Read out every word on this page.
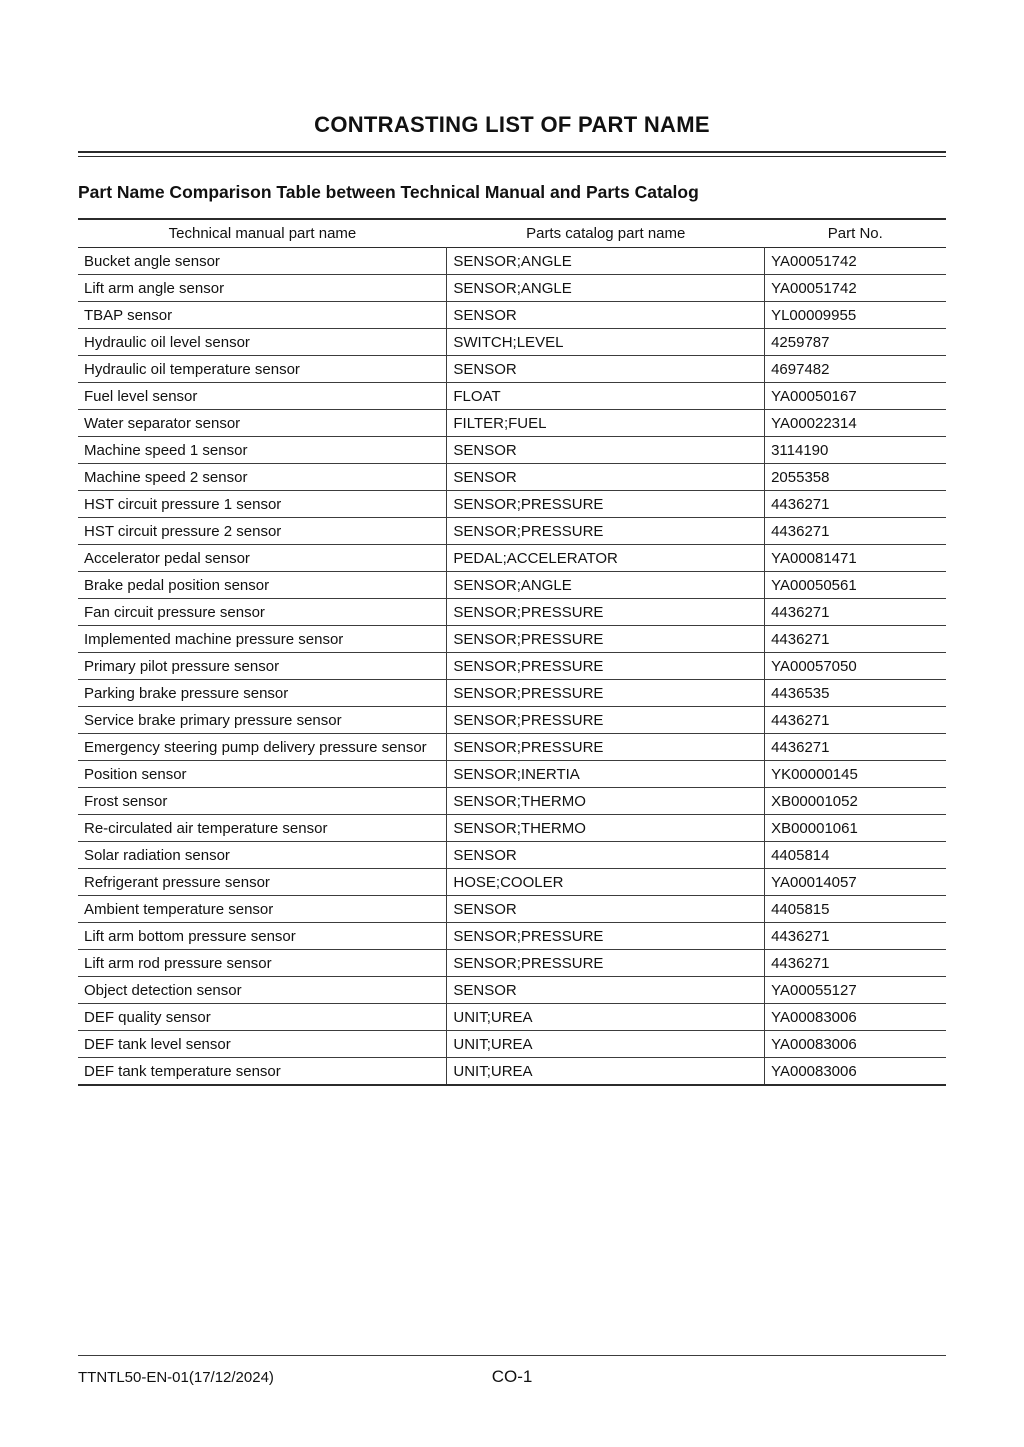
CONTRASTING LIST OF PART NAME
Part Name Comparison Table between Technical Manual and Parts Catalog
Technical manual part name	Parts catalog part name	Part No.
Bucket angle sensor	SENSOR;ANGLE	YA00051742
Lift arm angle sensor	SENSOR;ANGLE	YA00051742
TBAP sensor	SENSOR	YL00009955
Hydraulic oil level sensor	SWITCH;LEVEL	4259787
Hydraulic oil temperature sensor	SENSOR	4697482
Fuel level sensor	FLOAT	YA00050167
Water separator sensor	FILTER;FUEL	YA00022314
Machine speed 1 sensor	SENSOR	3114190
Machine speed 2 sensor	SENSOR	2055358
HST circuit pressure 1 sensor	SENSOR;PRESSURE	4436271
HST circuit pressure 2 sensor	SENSOR;PRESSURE	4436271
Accelerator pedal sensor	PEDAL;ACCELERATOR	YA00081471
Brake pedal position sensor	SENSOR;ANGLE	YA00050561
Fan circuit pressure sensor	SENSOR;PRESSURE	4436271
Implemented machine pressure sensor	SENSOR;PRESSURE	4436271
Primary pilot pressure sensor	SENSOR;PRESSURE	YA00057050
Parking brake pressure sensor	SENSOR;PRESSURE	4436535
Service brake primary pressure sensor	SENSOR;PRESSURE	4436271
Emergency steering pump delivery pressure sensor	SENSOR;PRESSURE	4436271
Position sensor	SENSOR;INERTIA	YK00000145
Frost sensor	SENSOR;THERMO	XB00001052
Re-circulated air temperature sensor	SENSOR;THERMO	XB00001061
Solar radiation sensor	SENSOR	4405814
Refrigerant pressure sensor	HOSE;COOLER	YA00014057
Ambient temperature sensor	SENSOR	4405815
Lift arm bottom pressure sensor	SENSOR;PRESSURE	4436271
Lift arm rod pressure sensor	SENSOR;PRESSURE	4436271
Object detection sensor	SENSOR	YA00055127
DEF quality sensor	UNIT;UREA	YA00083006
DEF tank level sensor	UNIT;UREA	YA00083006
DEF tank temperature sensor	UNIT;UREA	YA00083006
TTNTL50-EN-01(17/12/2024)	CO-1
